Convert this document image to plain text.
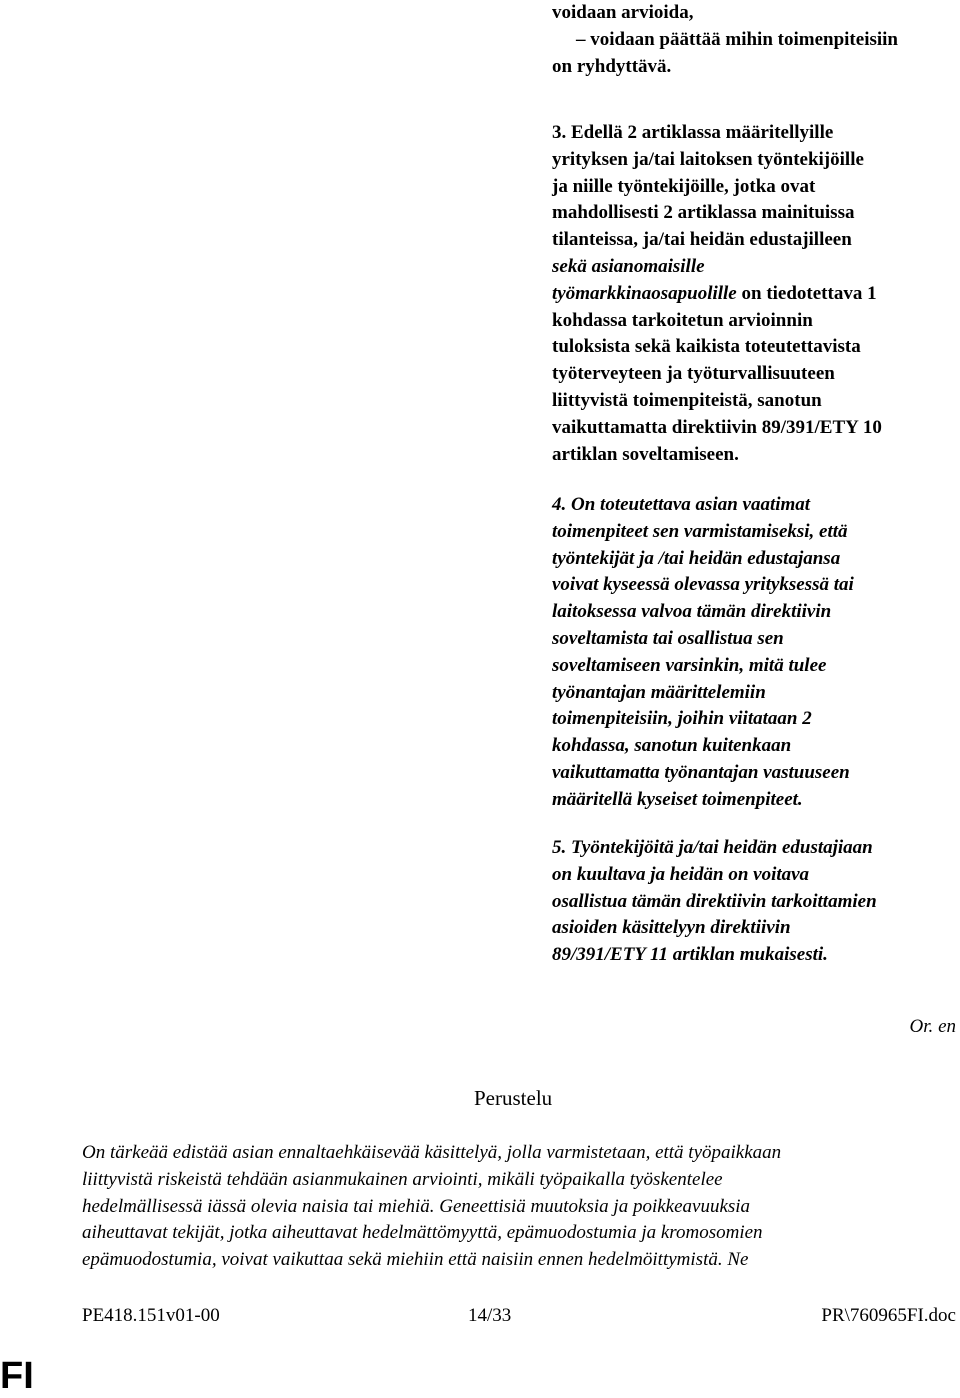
voidaan arvioida,

– voidaan päättää mihin toimenpiteisiin

on ryhdyttävä.

3. Edellä 2 artiklassa määritellyille

yrityksen ja/tai laitoksen työntekijöille

ja niille työntekijöille, jotka ovat

mahdollisesti 2 artiklassa mainituissa

tilanteissa, ja/tai heidän edustajilleen

sekä asianomaisille

työmarkkinaosapuolille on tiedotettava 1

kohdassa tarkoitetun arvioinnin

tuloksista sekä kaikista toteutettavista

työterveyteen ja työturvallisuuteen

liittyvistä toimenpiteistä, sanotun

vaikuttamatta direktiivin 89/391/ETY 10

artiklan soveltamiseen.

4. On toteutettava asian vaatimat

toimenpiteet sen varmistamiseksi, että

työntekijät ja /tai heidän edustajansa

voivat kyseessä olevassa yrityksessä tai

laitoksessa valvoa tämän direktiivin

soveltamista tai osallistua sen

soveltamiseen varsinkin, mitä tulee

työnantajan määrittelemiin

toimenpiteisiin, joihin viitataan 2

kohdassa, sanotun kuitenkaan

vaikuttamatta työnantajan vastuuseen

määritellä kyseiset toimenpiteet.

5. Työntekijöitä ja/tai heidän edustajiaan

on kuultava ja heidän on voitava

osallistua tämän direktiivin tarkoittamien

asioiden käsittelyyn direktiivin

89/391/ETY 11 artiklan mukaisesti.

Or. en
Perustelu
On tärkeää edistää asian ennaltaehkäisevää käsittelyä, jolla varmistetaan, että työpaikkaan
liittyvistä riskeistä tehdään asianmukainen arviointi, mikäli työpaikalla työskentelee
hedelmällisessä iässä olevia naisia tai miehiä. Geneettisiä muutoksia ja poikkeavuuksia
aiheuttavat tekijät, jotka aiheuttavat hedelmättömyyttä, epämuodostumia ja kromosomien
epämuodostumia, voivat vaikuttaa sekä miehiin että naisiin ennen hedelmöittymistä. Ne
PE418.151v01-00	14/33	PR\760965FI.doc
FI
